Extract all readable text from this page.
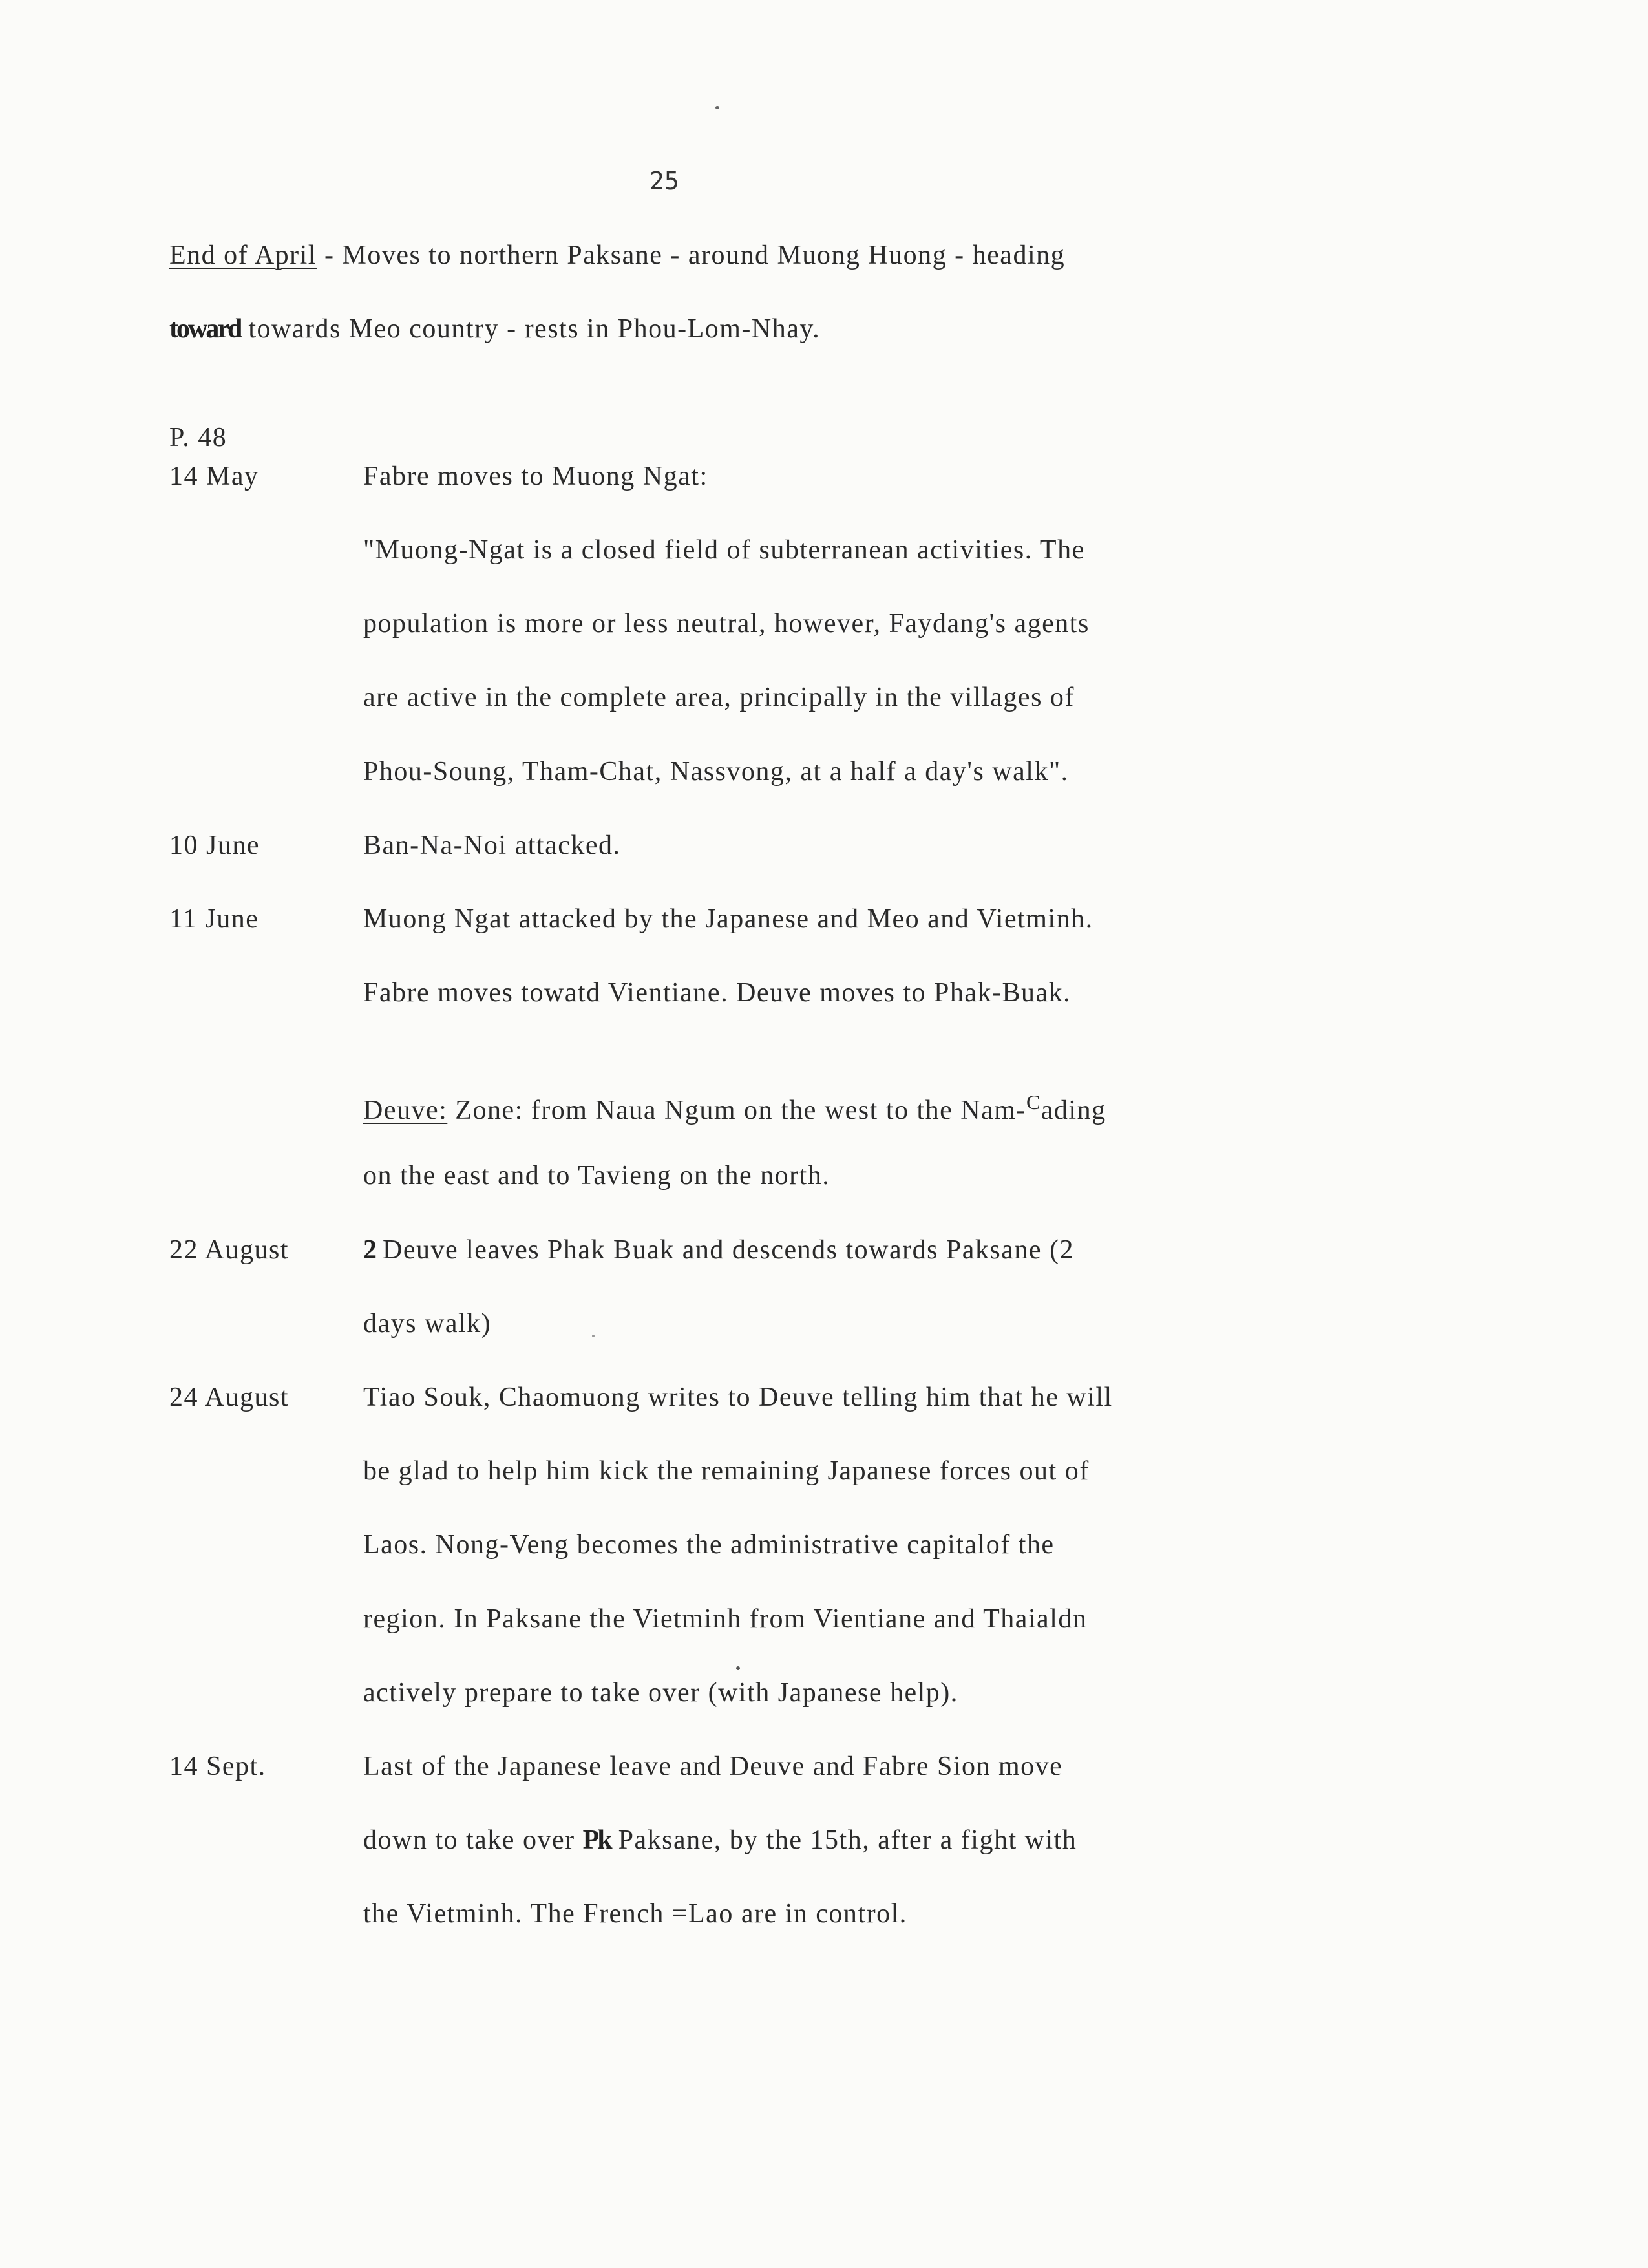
25
End of April - Moves to northern Paksane - around Muong Huong - heading
toward towards Meo country - rests in Phou-Lom-Nhay.
P. 48
14 May	Fabre moves to Muong Ngat:
"Muong-Ngat is a closed field of subterranean activities. The
population is more or less neutral, however, Faydang's agents
are active in the complete area, principally in the villages of
Phou-Soung, Tham-Chat, Nassvong, at a half a day's walk".
10 June	Ban-Na-Noi attacked.
11 June	Muong Ngat attacked by the Japanese and Meo and Vietminh.
Fabre moves towatd Vientiane. Deuve moves to Phak-Buak.
Deuve: Zone: from Naua Ngum on the west to the Nam-$^C$ading
on the east and to Tavieng on the north.
22 August	2 Deuve leaves Phak Buak and descends towards Paksane (2
days walk)
24 August	Tiao Souk, Chaomuong writes to Deuve telling him that he will
be glad to help him kick the remaining Japanese forces out of
Laos. Nong-Veng becomes the administrative capitalof the
region. In Paksane the Vietminh from Vientiane and Thaialdn
actively prepare to take over (with Japanese help).
14 Sept.	Last of the Japanese leave and Deuve and Fabre Sion move
down to take over Pk Paksane, by the 15th, after a fight with
the Vietminh. The French =Lao are in control.
